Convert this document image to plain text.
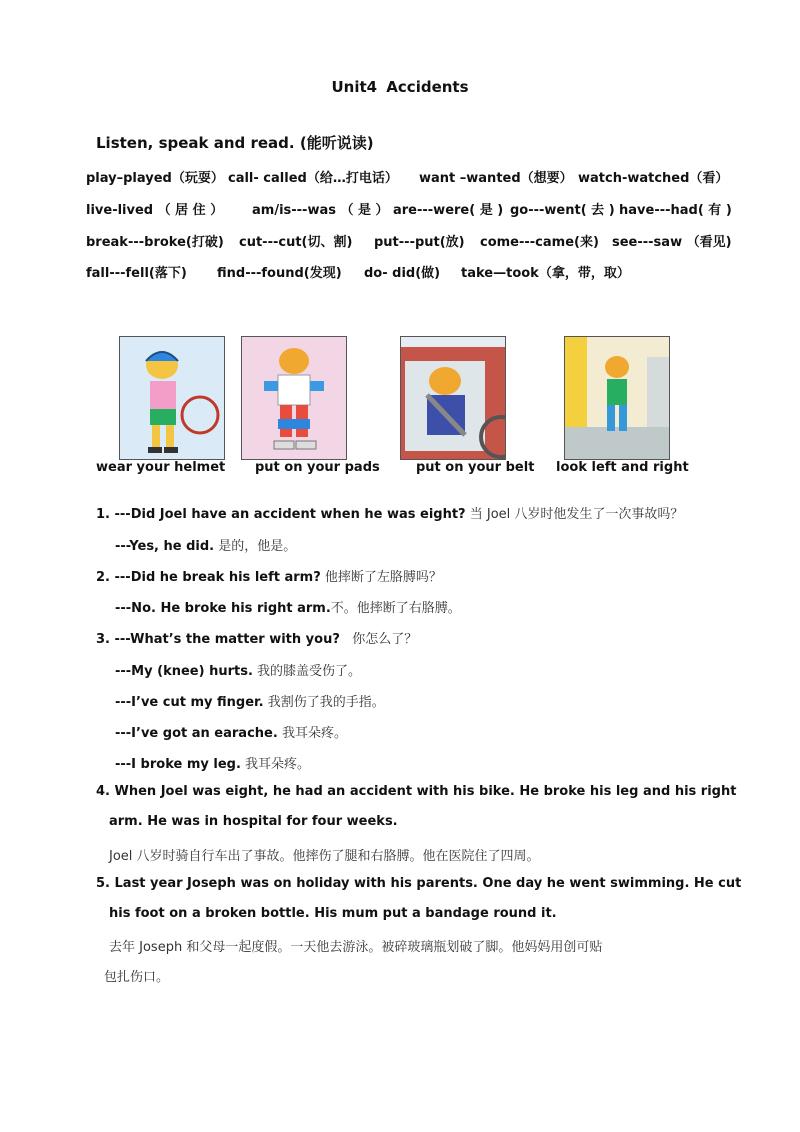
Unit4 Accidents
Listen, speak and read. (能听说读)
play–played（玩耍） call- called（给…打电话） want –wanted（想要） watch-watched（看）
live-lived （ 居 住 ） am/is---was （ 是 ） are---were( 是 ) go---went( 去 ) have---had( 有 )
break---broke(打破) cut---cut(切、割) put---put(放) come---came(来) see---saw （看见)
fall---fell(落下) find---found(发现) do- did(做) take—took（拿，带，取）
wear your helmet put on your pads	put on your belt look left and right
1. ---Did Joel have an accident when he was eight? 当 Joel 八岁时他发生了一次事故吗？
---Yes, he did. 是的，他是。
2. ---Did he break his left arm? 他摔断了左胳膊吗？
---No. He broke his right arm.不。他摔断了右胳膊。
3. ---What’s the matter with you? 你怎么了？
---My (knee) hurts. 我的膝盖受伤了。
---I’ve cut my finger. 我割伤了我的手指。
---I’ve got an earache. 我耳朵疼。
---I broke my leg. 我耳朵疼。
4. When Joel was eight, he had an accident with his bike. He broke his leg and his right
arm. He was in hospital for four weeks.
Joel 八岁时骑自行车出了事故。他摔伤了腿和右胳膊。他在医院住了四周。
5. Last year Joseph was on holiday with his parents. One day he went swimming. He cut
his foot on a broken bottle. His mum put a bandage round it.
去年 Joseph 和父母一起度假。一天他去游泳。被碎玻璃瓶划破了脚。他妈妈用创可贴
包扎伤口。
